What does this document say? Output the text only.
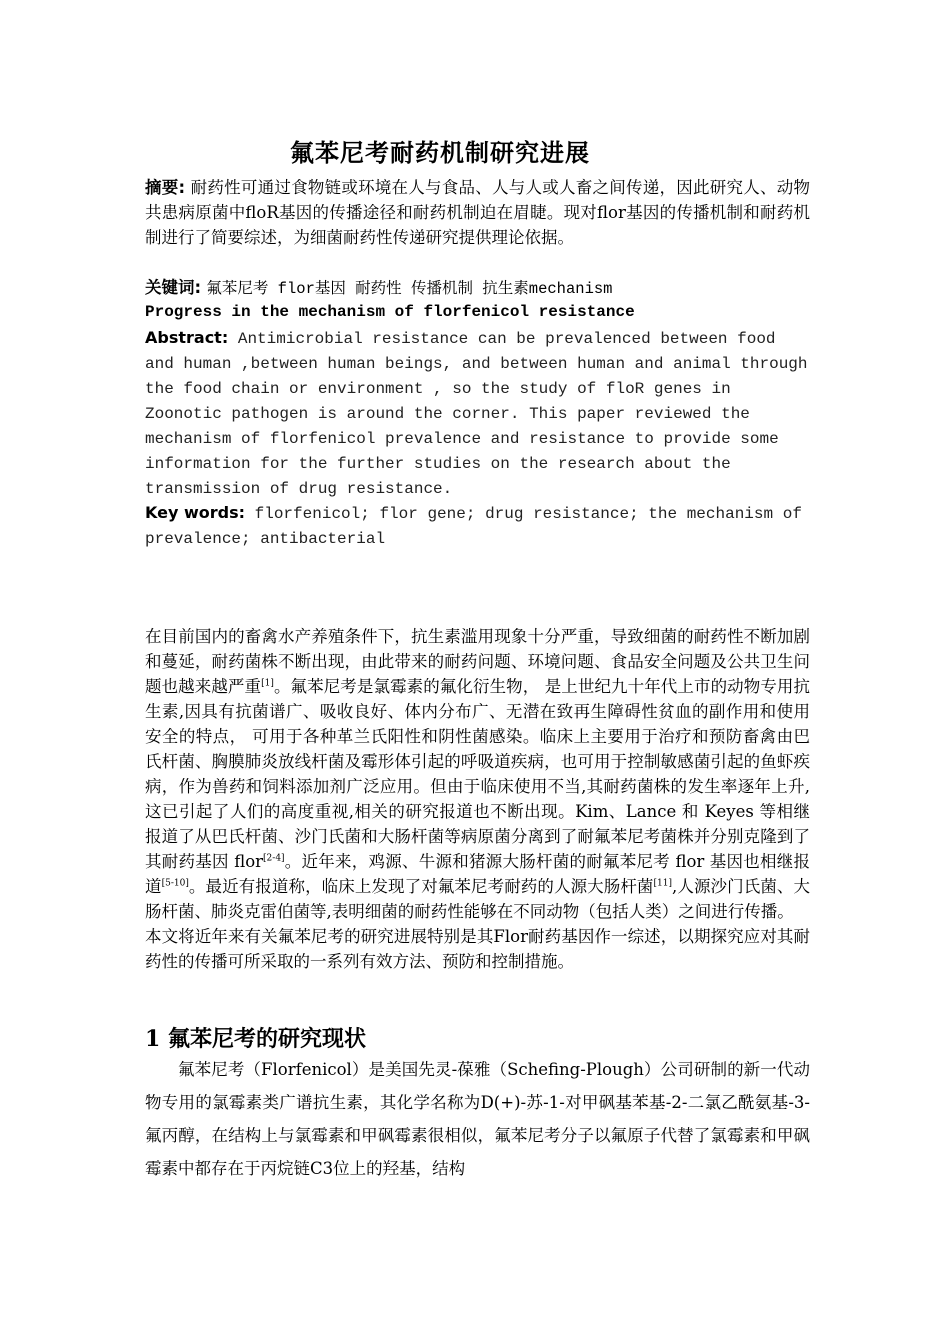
氟苯尼考耐药机制研究进展
摘要: 耐药性可通过食物链或环境在人与食品、人与人或人畜之间传递，因此研究人、动物共患病原菌中floR基因的传播途径和耐药机制迫在眉睫。现对flor基因的传播机制和耐药机制进行了简要综述，为细菌耐药性传递研究提供理论依据。
关键词: 氟苯尼考 flor基因 耐药性 传播机制 抗生素mechanism
Progress in the mechanism of florfenicol resistance
Abstract: Antimicrobial resistance can be prevalenced between food and human ,between human beings, and between human and animal through the food chain or environment , so the study of floR genes in Zoonotic pathogen is around the corner. This paper reviewed the mechanism of florfenicol prevalence and resistance to provide some information for the further studies on the research about the transmission of drug resistance.
Key words: florfenicol; flor gene; drug resistance; the mechanism of prevalence; antibacterial

在目前国内的畜禽水产养殖条件下，抗生素滥用现象十分严重，导致细菌的耐药性不断加剧和蔓延，耐药菌株不断出现，由此带来的耐药问题、环境问题、食品安全问题及公共卫生问题也越来越严重[1]。氟苯尼考是氯霉素的氟化衍生物， 是上世纪九十年代上市的动物专用抗生素,因具有抗菌谱广、吸收良好、体内分布广、无潜在致再生障碍性贫血的副作用和使用安全的特点， 可用于各种革兰氏阳性和阴性菌感染。临床上主要用于治疗和预防畜禽由巴氏杆菌、胸膜肺炎放线杆菌及霉形体引起的呼吸道疾病，也可用于控制敏感菌引起的鱼虾疾病，作为兽药和饲料添加剂广泛应用。但由于临床使用不当,其耐药菌株的发生率逐年上升,这已引起了人们的高度重视,相关的研究报道也不断出现。Kim、Lance 和 Keyes 等相继报道了从巴氏杆菌、沙门氏菌和大肠杆菌等病原菌分离到了耐氟苯尼考菌株并分别克隆到了其耐药基因 flor[2-4]。近年来，鸡源、牛源和猪源大肠杆菌的耐氟苯尼考 flor 基因也相继报道[5-10]。最近有报道称，临床上发现了对氟苯尼考耐药的人源大肠杆菌[11],人源沙门氏菌、大肠杆菌、肺炎克雷伯菌等,表明细菌的耐药性能够在不同动物（包括人类）之间进行传播。

本文将近年来有关氟苯尼考的研究进展特别是其Flor耐药基因作一综述，以期探究应对其耐药性的传播可所采取的一系列有效方法、预防和控制措施。

1 氟苯尼考的研究现状

氟苯尼考（Florfenicol）是美国先灵-葆雅（Schefing-Plough）公司研制的新一代动物专用的氯霉素类广谱抗生素，其化学名称为D(+)-苏-1-对甲砜基苯基-2-二氯乙酰氨基-3-氟丙醇，在结构上与氯霉素和甲砜霉素很相似，氟苯尼考分子以氟原子代替了氯霉素和甲砜霉素中都存在于丙烷链C3位上的羟基，结构
